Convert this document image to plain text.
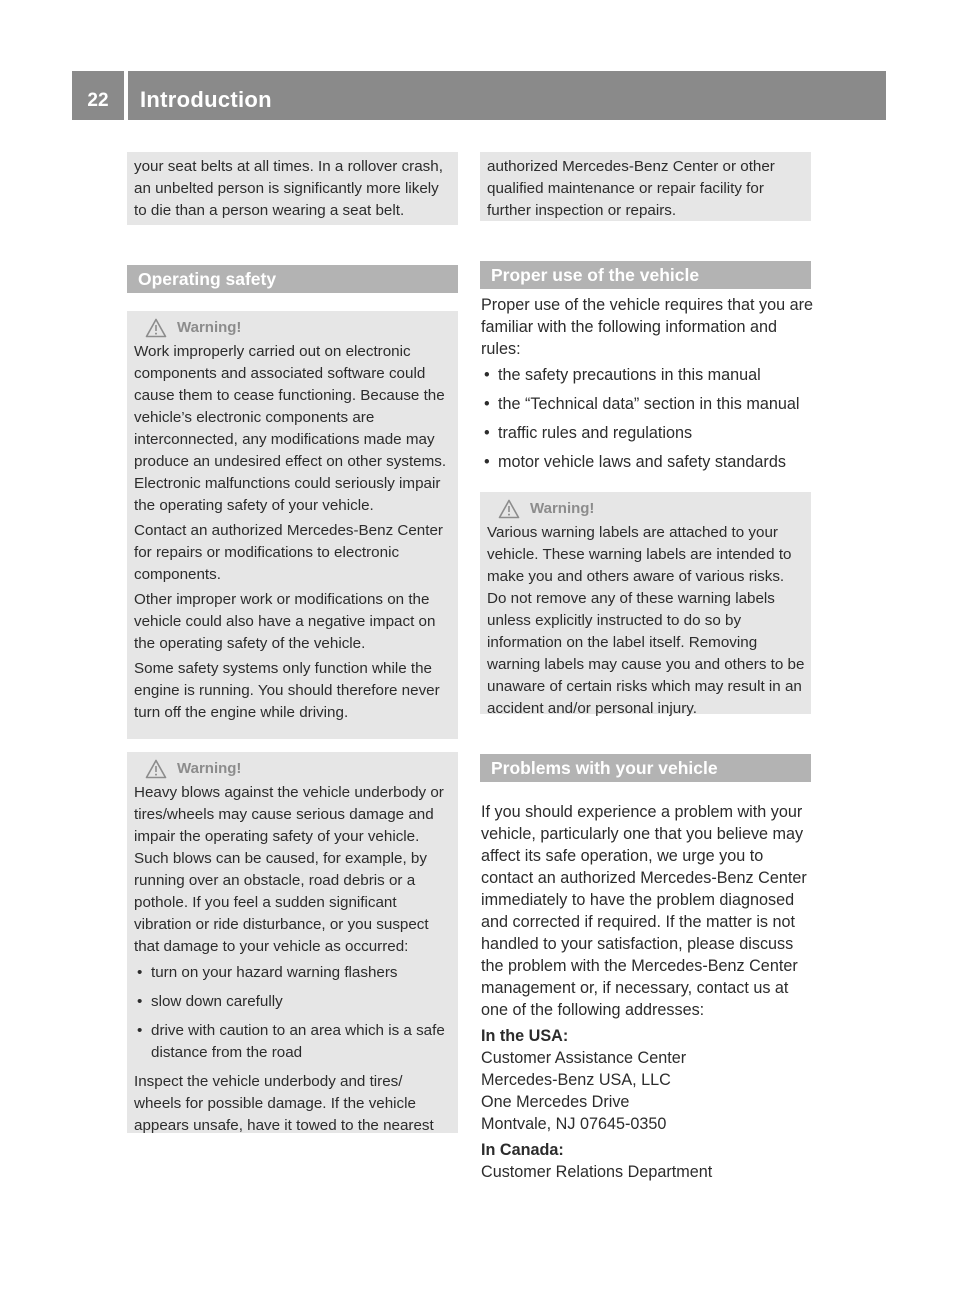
22	Introduction

your seat belts at all times. In a rollover crash, an unbelted person is significantly more likely to die than a person wearing a seat belt.

Operating safety
Warning!

Work improperly carried out on electronic components and associated software could cause them to cease functioning. Because the vehicle’s electronic components are interconnected, any modifications made may produce an undesired effect on other systems. Electronic malfunctions could seriously impair the operating safety of your vehicle.

Contact an authorized Mercedes-Benz Center for repairs or modifications to electronic components.

Other improper work or modifications on the vehicle could also have a negative impact on the operating safety of the vehicle.

Some safety systems only function while the engine is running. You should therefore never turn off the engine while driving.

Warning!

Heavy blows against the vehicle underbody or tires/wheels may cause serious damage and impair the operating safety of your vehicle. Such blows can be caused, for example, by running over an obstacle, road debris or a pothole. If you feel a sudden significant vibration or ride disturbance, or you suspect that damage to your vehicle as occurred:

• turn on your hazard warning flashers
• slow down carefully
• drive with caution to an area which is a safe distance from the road

Inspect the vehicle underbody and tires/ wheels for possible damage. If the vehicle appears unsafe, have it towed to the nearest

authorized Mercedes-Benz Center or other qualified maintenance or repair facility for further inspection or repairs.

Proper use of the vehicle

Proper use of the vehicle requires that you are familiar with the following information and rules:

• the safety precautions in this manual
• the “Technical data” section in this manual
• traffic rules and regulations
• motor vehicle laws and safety standards
Warning!

Various warning labels are attached to your vehicle. These warning labels are intended to make you and others aware of various risks. Do not remove any of these warning labels unless explicitly instructed to do so by information on the label itself. Removing warning labels may cause you and others to be unaware of certain risks which may result in an accident and/or personal injury.

Problems with your vehicle

If you should experience a problem with your vehicle, particularly one that you believe may affect its safe operation, we urge you to contact an authorized Mercedes-Benz Center immediately to have the problem diagnosed and corrected if required. If the matter is not handled to your satisfaction, please discuss the problem with the Mercedes-Benz Center management or, if necessary, contact us at one of the following addresses:

In the USA:

Customer Assistance Center

Mercedes-Benz USA, LLC

One Mercedes Drive

Montvale, NJ 07645-0350

In Canada:

Customer Relations Department
